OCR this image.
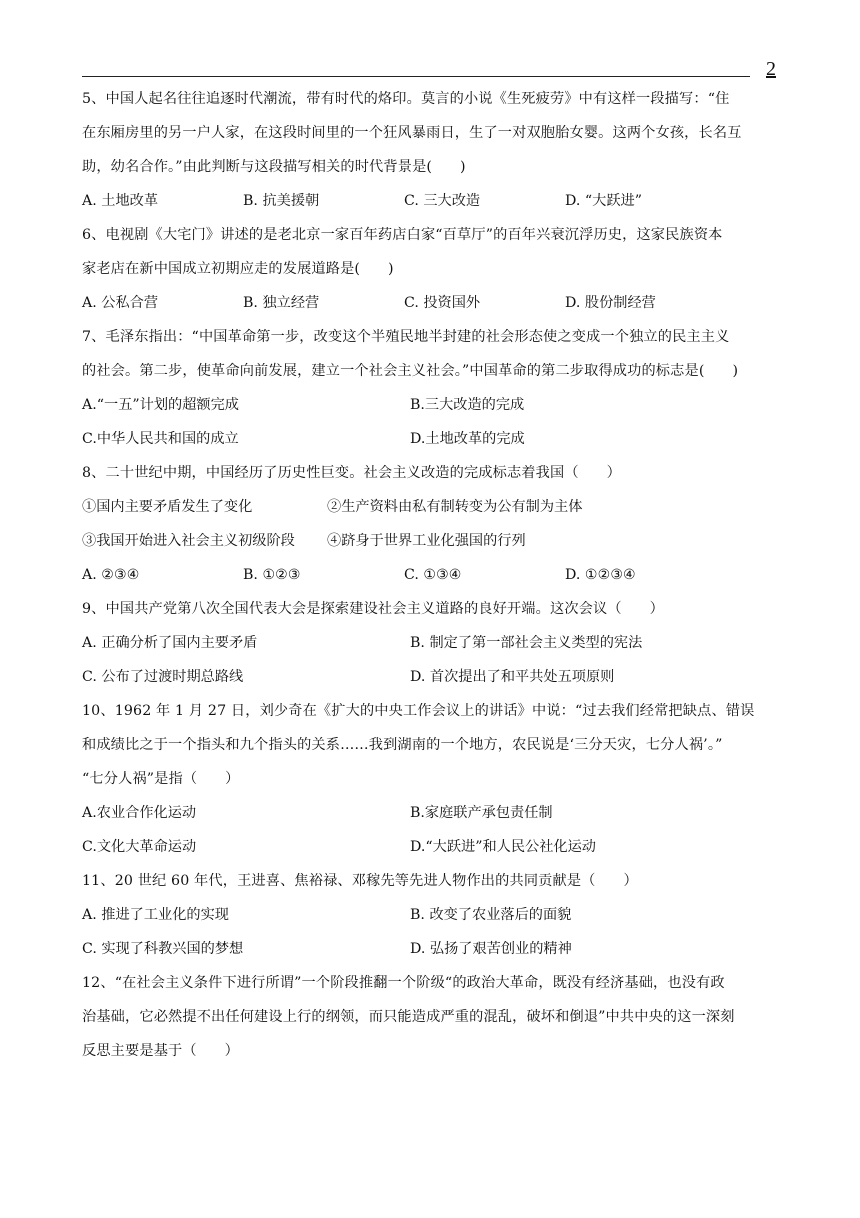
2

5、中国人起名往往追逐时代潮流，带有时代的烙印。莫言的小说《生死疲劳》中有这样一段描写：“住

在东厢房里的另一户人家，在这段时间里的一个狂风暴雨日，生了一对双胞胎女婴。这两个女孩，长名互

助，幼名合作。”由此判断与这段描写相关的时代背景是(      )

A. 土地改革	B. 抗美援朝	C. 三大改造	D. “大跃进”

6、电视剧《大宅门》讲述的是老北京一家百年药店白家“百草厅”的百年兴衰沉浮历史，这家民族资本

家老店在新中国成立初期应走的发展道路是(      )

A. 公私合营	B. 独立经营	C. 投资国外	D. 股份制经营

7、毛泽东指出：“中国革命第一步，改变这个半殖民地半封建的社会形态使之变成一个独立的民主主义

的社会。第二步，使革命向前发展，建立一个社会主义社会。”中国革命的第二步取得成功的标志是(      )

A.“一五”计划的超额完成	B.三大改造的完成
C.中华人民共和国的成立	D.土地改革的完成

8、二十世纪中期，中国经历了历史性巨变。社会主义改造的完成标志着我国（      ）

①国内主要矛盾发生了变化	②生产资料由私有制转变为公有制为主体
③我国开始进入社会主义初级阶段	④跻身于世界工业化强国的行列
A. ②③④	B. ①②③	C. ①③④	D. ①②③④

9、中国共产党第八次全国代表大会是探索建设社会主义道路的良好开端。这次会议（      ）

A. 正确分析了国内主要矛盾	B. 制定了第一部社会主义类型的宪法
C. 公布了过渡时期总路线	D. 首次提出了和平共处五项原则

10、1962 年 1 月 27 日，刘少奇在《扩大的中央工作会议上的讲话》中说：“过去我们经常把缺点、错误

和成绩比之于一个指头和九个指头的关系……我到湖南的一个地方，农民说是‘三分天灾，七分人祸’。”

“七分人祸”是指（      ）

A.农业合作化运动	B.家庭联产承包责任制
C.文化大革命运动	D.“大跃进”和人民公社化运动

11、20 世纪 60 年代，王进喜、焦裕禄、邓稼先等先进人物作出的共同贡献是（      ）

A. 推进了工业化的实现	B. 改变了农业落后的面貌
C. 实现了科教兴国的梦想	D. 弘扬了艰苦创业的精神

12、“在社会主义条件下进行所谓”一个阶段推翻一个阶级“的政治大革命，既没有经济基础，也没有政

治基础，它必然提不出任何建设上行的纲领，而只能造成严重的混乱，破坏和倒退”中共中央的这一深刻

反思主要是基于（      ）
